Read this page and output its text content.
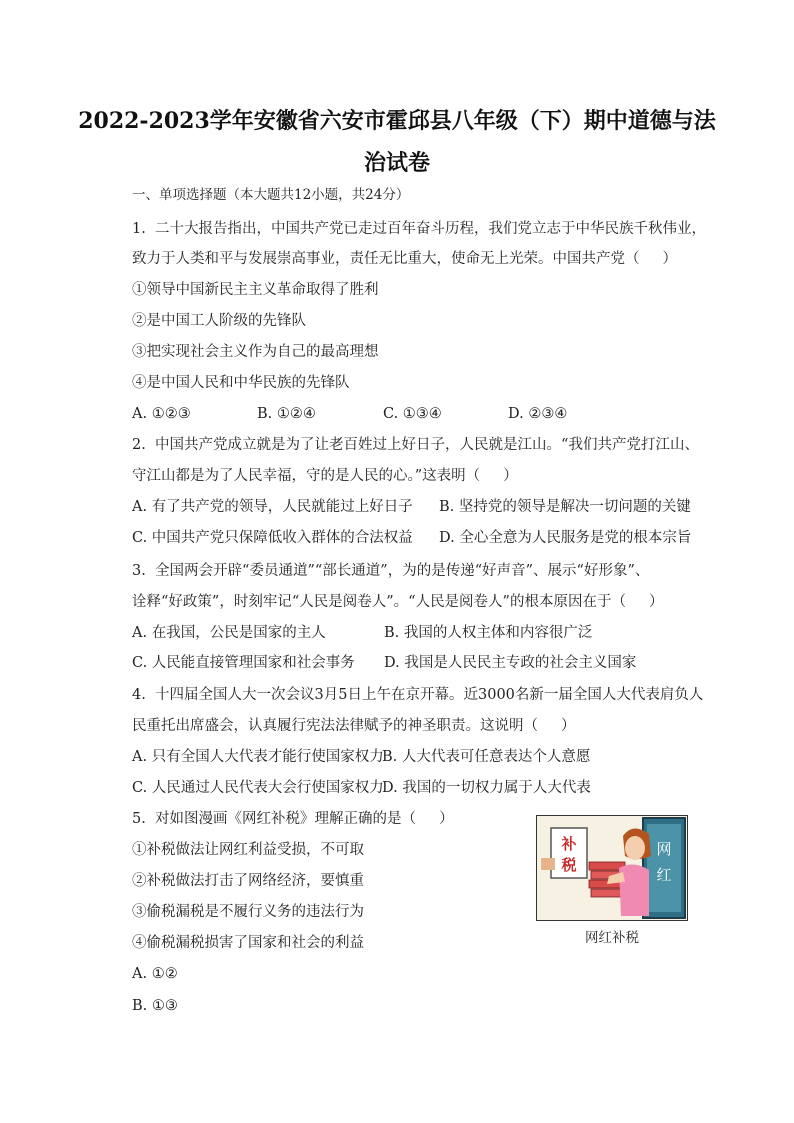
2022-2023学年安徽省六安市霍邱县八年级（下）期中道德与法
治试卷
一、单项选择题（本大题共12小题，共24分）
1.  二十大报告指出，中国共产党已走过百年奋斗历程，我们党立志于中华民族千秋伟业，
致力于人类和平与发展崇高事业，责任无比重大，使命无上光荣。中国共产党（     ）
①领导中国新民主主义革命取得了胜利
②是中国工人阶级的先锋队
③把实现社会主义作为自己的最高理想
④是中国人民和中华民族的先锋队
A. ①②③	B. ①②④	C. ①③④	D. ②③④
2.  中国共产党成立就是为了让老百姓过上好日子，人民就是江山。“我们共产党打江山、
守江山都是为了人民幸福，守的是人民的心。”这表明（     ）
A. 有了共产党的领导，人民就能过上好日子 B. 坚持党的领导是解决一切问题的关键
C. 中国共产党只保障低收入群体的合法权益 D. 全心全意为人民服务是党的根本宗旨
3.  全国两会开辟“委员通道”“部长通道”，为的是传递“好声音”、展示“好形象”、
诠释“好政策”，时刻牢记“人民是阅卷人”。“人民是阅卷人”的根本原因在于（     ）
A. 在我国，公民是国家的主人	B. 我国的人权主体和内容很广泛
C. 人民能直接管理国家和社会事务 D. 我国是人民民主专政的社会主义国家
4.  十四届全国人大一次会议3月5日上午在京开幕。近3000名新一届全国人大代表肩负人
民重托出席盛会，认真履行宪法法律赋予的神圣职责。这说明（     ）
A. 只有全国人大代表才能行使国家权力
B. 人大代表可任意表达个人意愿
C. 人民通过人民代表大会行使国家权力
D. 我国的一切权力属于人大代表
5.  对如图漫画《网红补税》理解正确的是（     ）
①补税做法让网红利益受损，不可取
②补税做法打击了网络经济，要慎重
③偷税漏税是不履行义务的违法行为
④偷税漏税损害了国家和社会的利益
A. ①②
B. ①③
网
红
补
税
网红补税
